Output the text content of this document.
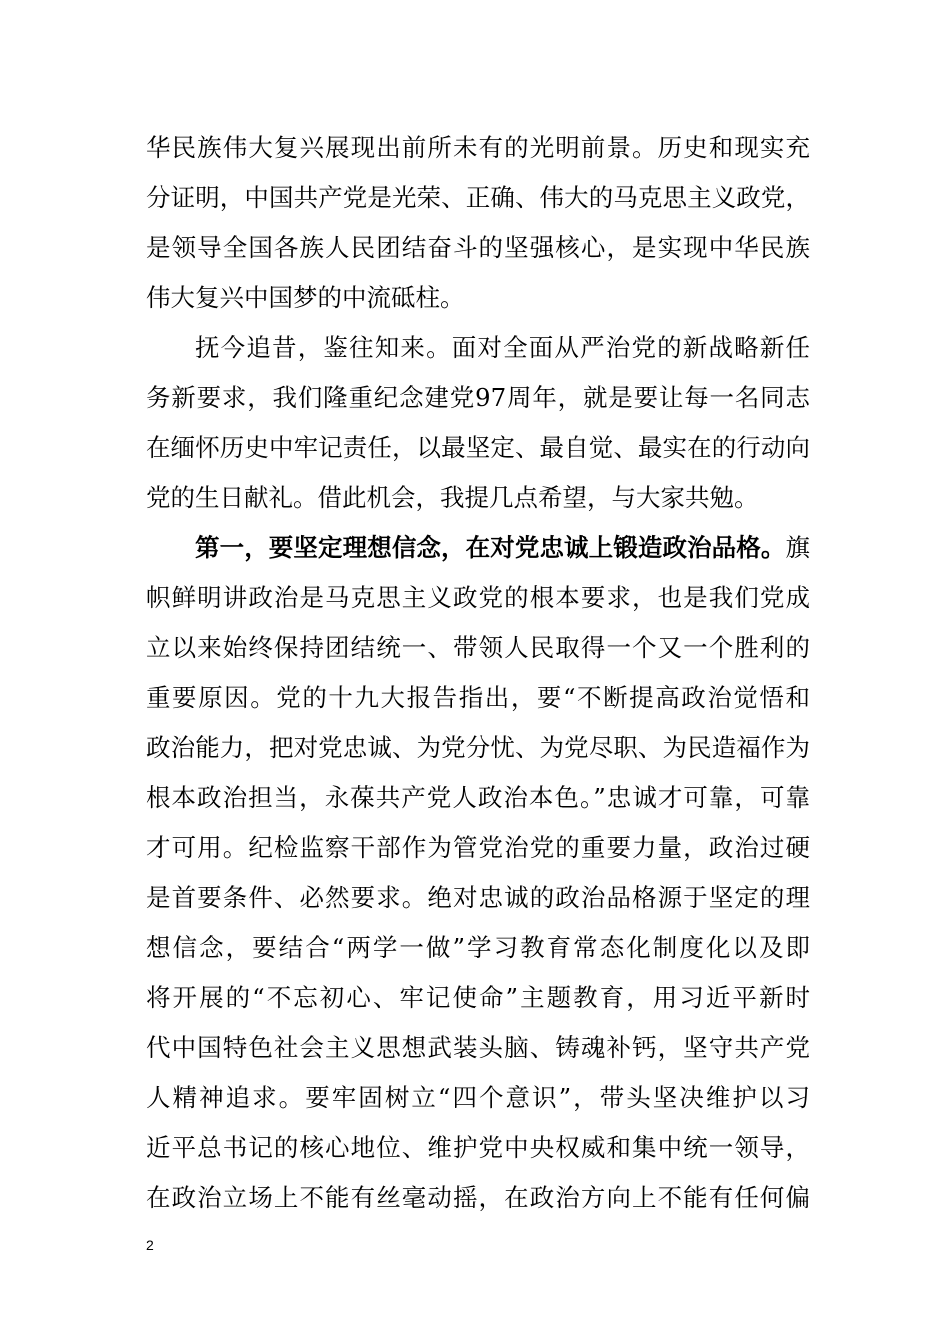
华民族伟大复兴展现出前所未有的光明前景。历史和现实充
分证明，中国共产党是光荣、正确、伟大的马克思主义政党，
是领导全国各族人民团结奋斗的坚强核心，是实现中华民族
伟大复兴中国梦的中流砥柱。
抚今追昔，鉴往知来。面对全面从严治党的新战略新任
务新要求，我们隆重纪念建党97周年，就是要让每一名同志
在缅怀历史中牢记责任，以最坚定、最自觉、最实在的行动向
党的生日献礼。借此机会，我提几点希望，与大家共勉。
第一，要坚定理想信念，在对党忠诚上锻造政治品格。旗
帜鲜明讲政治是马克思主义政党的根本要求，也是我们党成
立以来始终保持团结统一、带领人民取得一个又一个胜利的
重要原因。党的十九大报告指出，要“不断提高政治觉悟和
政治能力，把对党忠诚、为党分忧、为党尽职、为民造福作为
根本政治担当，永葆共产党人政治本色。”忠诚才可靠，可靠
才可用。纪检监察干部作为管党治党的重要力量，政治过硬
是首要条件、必然要求。绝对忠诚的政治品格源于坚定的理
想信念，要结合“两学一做”学习教育常态化制度化以及即
将开展的“不忘初心、牢记使命”主题教育，用习近平新时
代中国特色社会主义思想武装头脑、铸魂补钙，坚守共产党
人精神追求。要牢固树立“四个意识”，带头坚决维护以习
近平总书记的核心地位、维护党中央权威和集中统一领导，
在政治立场上不能有丝毫动摇，在政治方向上不能有任何偏
2
